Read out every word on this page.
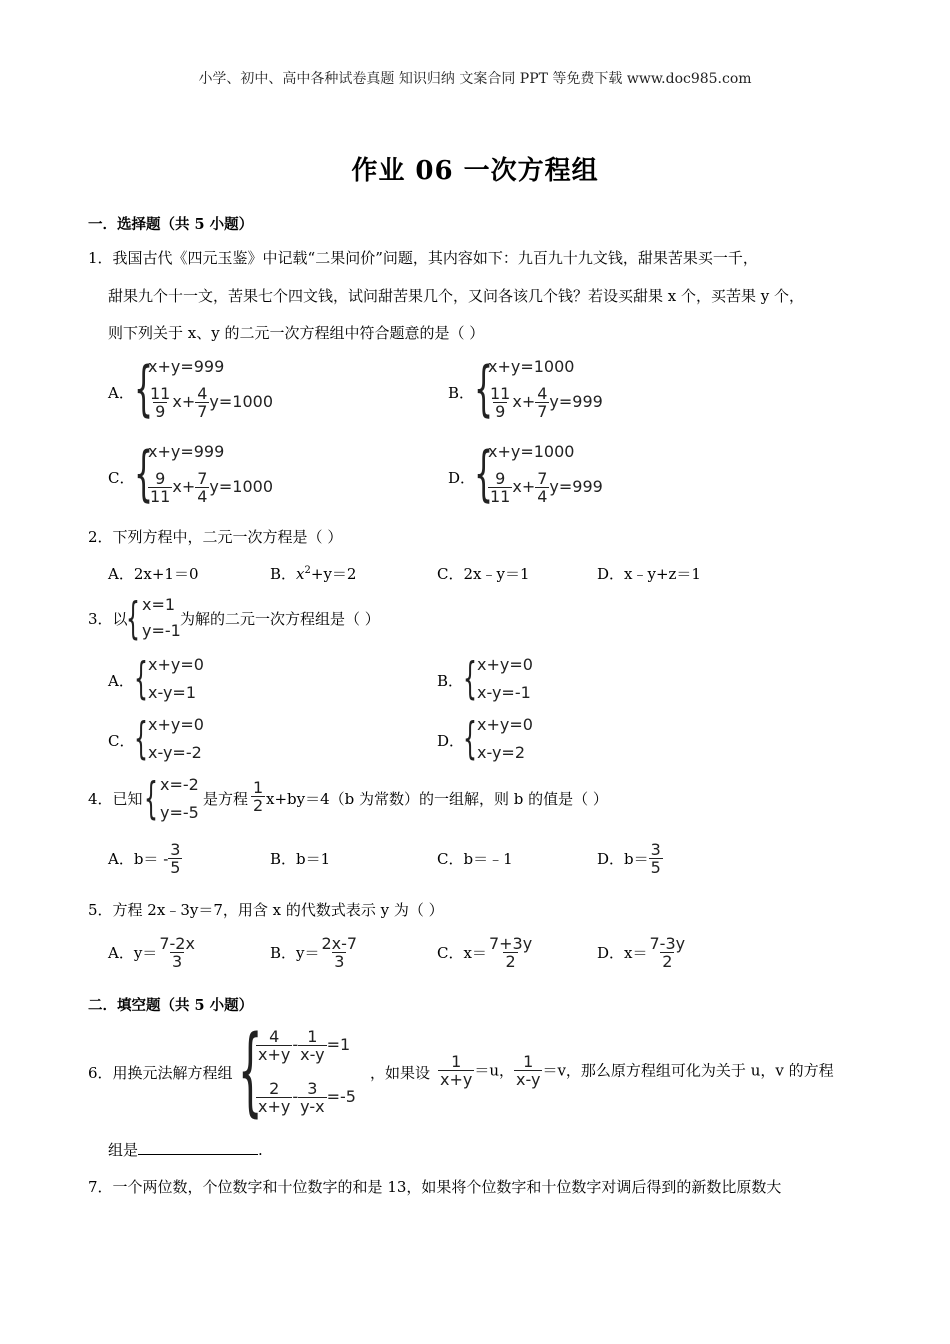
小学、初中、高中各种试卷真题 知识归纳 文案合同 PPT 等免费下载 www.doc985.com
作业 06 一次方程组
一．选择题（共 5 小题）
1．我国古代《四元玉鉴》中记载“二果问价”问题，其内容如下：九百九十九文钱，甜果苦果买一千，
甜果九个十一文，苦果七个四文钱，试问甜苦果几个，又问各该几个钱？若设买甜果 x 个，买苦果 y 个，
则下列关于 x、y 的二元一次方程组中符合题意的是（ ）
A． {
x+y=999
$\frac{11}{9} x+ \frac{4}{7} y=1000$	B． {
x+y=1000
$\frac{11}{9} x+ \frac{4}{7} y=999$
C． {
x+y=999
$\frac{9}{11} x+ \frac{7}{4} y=1000$	D．
{
x+y=1000
$\frac{9}{11} x+ \frac{7}{4} y=999$
2．下列方程中，二元一次方程是（ ）
A．2x+1＝0	B．$x^2+y=2$	C．2x﹣y＝1	D．x﹣y+z＝1
3．以
{ x=1
y=-1
为解的二元一次方程组是（ ）
A． { x+y=0
x-y=1
B． { x+y=0
x-y=-1
C． { x+y=0
x-y=-2
D．
{ x+y=0
x-y=2
4．已知 { x=-2
y=-5
是方程 $\frac{1}{2} x+by=4(b$ 为常数）的一组解，则 b 的值是（ ）
A．$b= - \frac{3}{5}$	B．b＝1	C．b＝﹣1	D．$b= \frac{3}{5}$
5．方程 2x﹣3y＝7，用含 x 的代数式表示 y 为（ ）
A．$y= \frac{7-2x}{3}$	B．$y= \frac{2x-7}{3}$	C．$x= \frac{7+3y}{2}$	D．$x= \frac{7-3y}{2}$
二．填空题（共 5 小题）
6．用换元法解方程组 {
$\frac{4}{x+y} - \frac{1}{x-y} =1$
$\frac{2}{x+y} - \frac{3}{y-x} =-5$
，如果设 $\frac{1}{x+y} =u$， $\frac{1}{x-y} =v$，那么原方程组可化为关于 u，v 的方程
组是	.
7．一个两位数，个位数字和十位数字的和是 13，如果将个位数字和十位数字对调后得到的新数比原数大
